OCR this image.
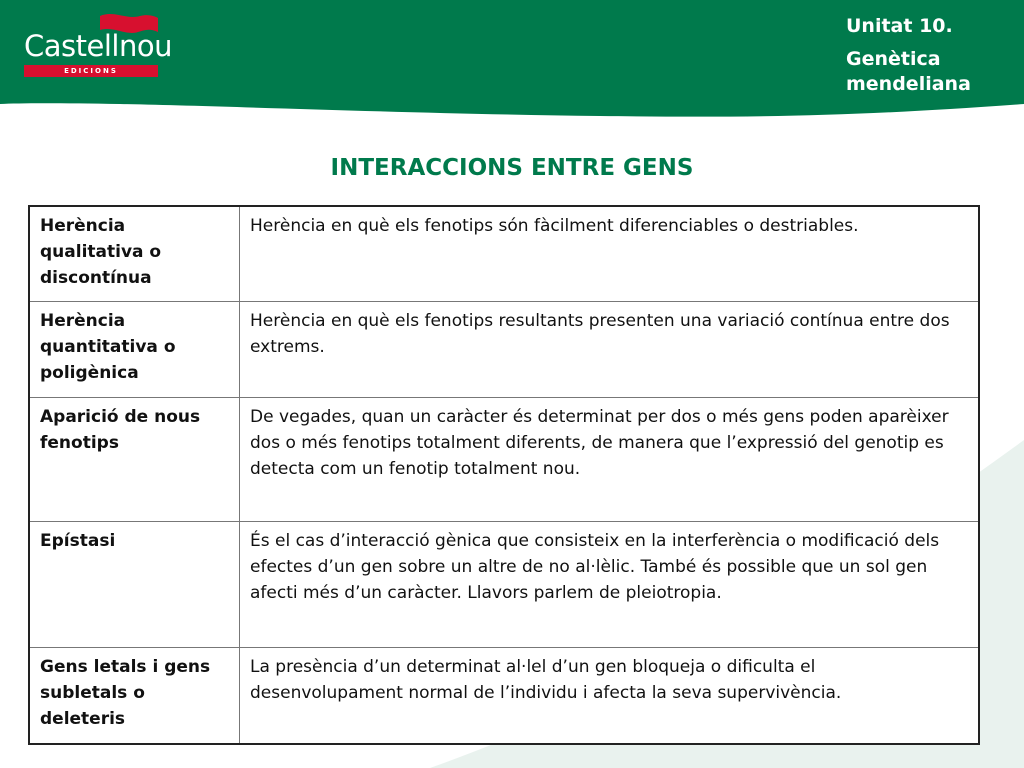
Castellnou
EDICIONS
Unitat 10.
Genètica
mendeliana
INTERACCIONS ENTRE GENS
Herència qualitativa o discontínua	Herència en què els fenotips són fàcilment diferenciables o destriables.
Herència quantitativa o poligènica	Herència en què els fenotips resultants presenten una variació contínua entre dos extrems.
Aparició de nous fenotips	De vegades, quan un caràcter és determinat per dos o més gens poden aparèixer dos o més fenotips totalment diferents, de manera que l’expressió del genotip es detecta com un fenotip totalment nou.
Epístasi	És el cas d’interacció gènica que consisteix en la interferència o modificació dels efectes d’un gen sobre un altre de no al·lèlic. També és possible que un sol gen afecti més d’un caràcter. Llavors parlem de pleiotropia.
Gens letals i gens subletals o deleteris	La presència d’un determinat al·lel d’un gen bloqueja o dificulta el desenvolupament normal de l’individu i afecta la seva supervivència.
